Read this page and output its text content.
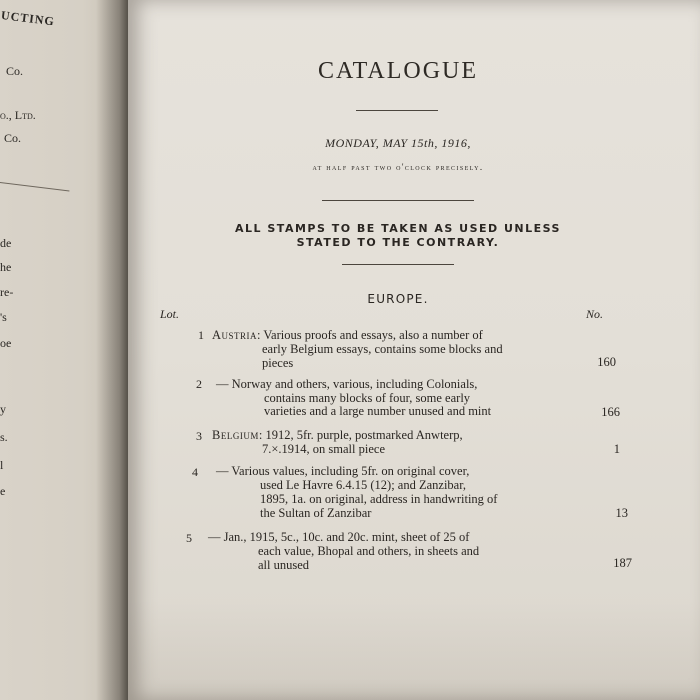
UCTING
Co.
o., Ltd.
Co.
de
he
re-
's
oe
y
s.
l
e
CATALOGUE
MONDAY, MAY 15th, 1916,
at half past two o'clock precisely.
ALL STAMPS TO BE TAKEN AS USED UNLESS
STATED TO THE CONTRARY.
EUROPE.
Lot.	No.
1 Austria: Various proofs and essays, also a number of
early Belgium essays, contains some blocks and
pieces	160
2 — Norway and others, various, including Colonials,
contains many blocks of four, some early
varieties and a large number unused and mint	166
3 Belgium: 1912, 5fr. purple, postmarked Anwterp,
7.×.1914, on small piece	1
4 — Various values, including 5fr. on original cover,
used Le Havre 6.4.15 (12); and Zanzibar,
1895, 1a. on original, address in handwriting of
the Sultan of Zanzibar	13
5 — Jan., 1915, 5c., 10c. and 20c. mint, sheet of 25 of
each value, Bhopal and others, in sheets and
all unused	187
